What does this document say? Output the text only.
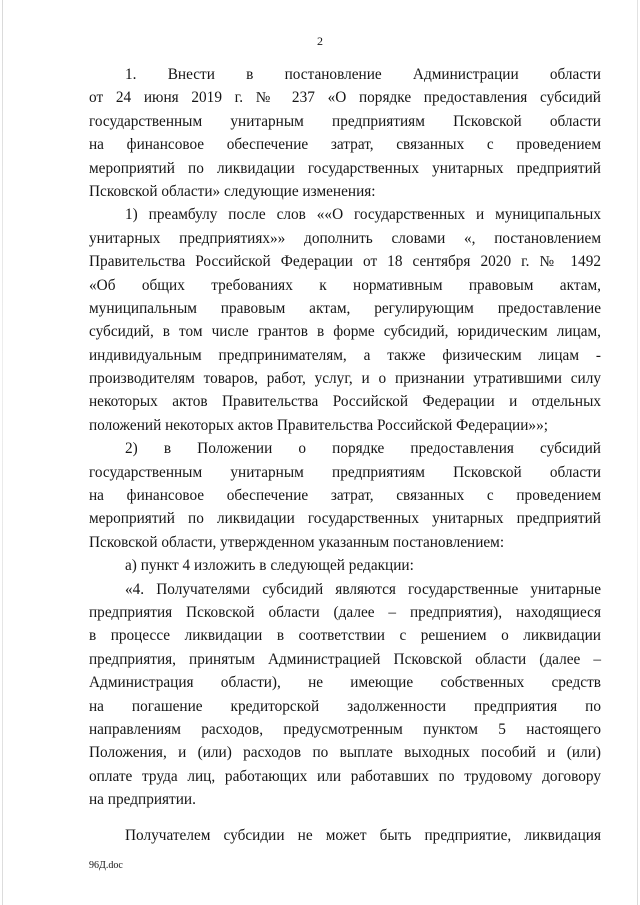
2
1. Внести в постановление Администрации области
от 24 июня 2019 г. № 237 «О порядке предоставления субсидий
государственным унитарным предприятиям Псковской области
на финансовое обеспечение затрат, связанных с проведением
мероприятий по ликвидации государственных унитарных предприятий
Псковской области» следующие изменения:
1) преамбулу после слов ««О государственных и муниципальных
унитарных предприятиях»» дополнить словами «, постановлением
Правительства Российской Федерации от 18 сентября 2020 г. № 1492
«Об общих требованиях к нормативным правовым актам,
муниципальным правовым актам, регулирующим предоставление
субсидий, в том числе грантов в форме субсидий, юридическим лицам,
индивидуальным предпринимателям, а также физическим лицам -
производителям товаров, работ, услуг, и о признании утратившими силу
некоторых актов Правительства Российской Федерации и отдельных
положений некоторых актов Правительства Российской Федерации»»;
2) в Положении о порядке предоставления субсидий
государственным унитарным предприятиям Псковской области
на финансовое обеспечение затрат, связанных с проведением
мероприятий по ликвидации государственных унитарных предприятий
Псковской области, утвержденном указанным постановлением:
а) пункт 4 изложить в следующей редакции:
«4. Получателями субсидий являются государственные унитарные
предприятия Псковской области (далее – предприятия), находящиеся
в процессе ликвидации в соответствии с решением о ликвидации
предприятия, принятым Администрацией Псковской области (далее –
Администрация области), не имеющие собственных средств
на погашение кредиторской задолженности предприятия по
направлениям расходов, предусмотренным пунктом 5 настоящего
Положения, и (или) расходов по выплате выходных пособий и (или)
оплате труда лиц, работающих или работавших по трудовому договору
на предприятии.
Получателем субсидии не может быть предприятие, ликвидация
96Д.doc
